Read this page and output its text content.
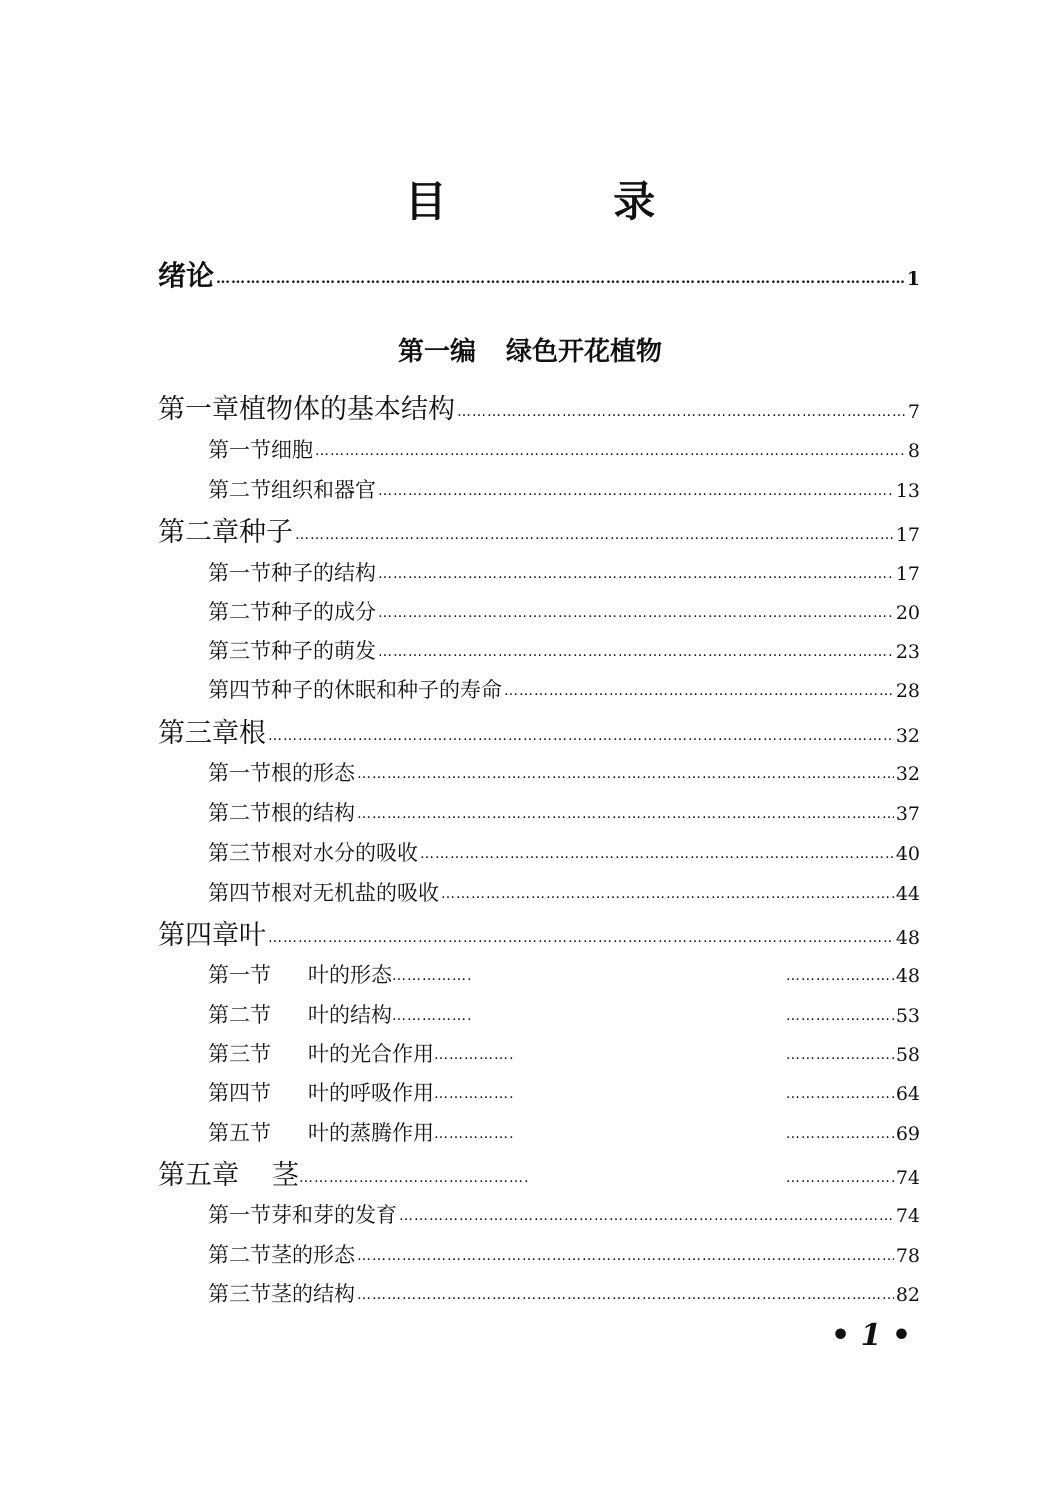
目 录
绪论 …………………………………………………………………………………………………………………………………………………………………………	1
第一编 绿色开花植物
第一章 植物体的基本结构 …………………………………………………………………………………………………………………………………………………………………………	7
第一节 细胞 …………………………………………………………………………………………………………………………………………………………………………	8
第二节 组织和器官 …………………………………………………………………………………………………………………………………………………………………………	13
第二章 种子 …………………………………………………………………………………………………………………………………………………………………………	17
第一节 种子的结构 …………………………………………………………………………………………………………………………………………………………………………	17
第二节 种子的成分 …………………………………………………………………………………………………………………………………………………………………………	20
第三节 种子的萌发 …………………………………………………………………………………………………………………………………………………………………………	23
第四节 种子的休眠和种子的寿命 …………………………………………………………………………………………………………………………………………………………………………	28
第三章 根 …………………………………………………………………………………………………………………………………………………………………………	32
第一节 根的形态 …………………………………………………………………………………………………………………………………………………………………………	32
第二节 根的结构 …………………………………………………………………………………………………………………………………………………………………………	37
第三节 根对水分的吸收 …………………………………………………………………………………………………………………………………………………………………………	40
第四节 根对无机盐的吸收 …………………………………………………………………………………………………………………………………………………………………………	44
第四章 叶 …………………………………………………………………………………………………………………………………………………………………………	48
第一节	叶的形态 ………………………………………………………… …………………………………………………………	48
第二节	叶的结构 ………………………………………………………… …………………………………………………………	53
第三节	叶的光合作用 ………………………………………………………… …………………………………………………………	58
第四节	叶的呼吸作用 ………………………………………………………… …………………………………………………………	64
第五节	叶的蒸腾作用 ………………………………………………………… …………………………………………………………	69
第五章	茎 ………………………………………………………… …………………………………………………………	74
第一节 芽和芽的发育 …………………………………………………………………………………………………………………………………………………………………………	74
第二节 茎的形态 …………………………………………………………………………………………………………………………………………………………………………	78
第三节 茎的结构 …………………………………………………………………………………………………………………………………………………………………………	82
• 1 •
